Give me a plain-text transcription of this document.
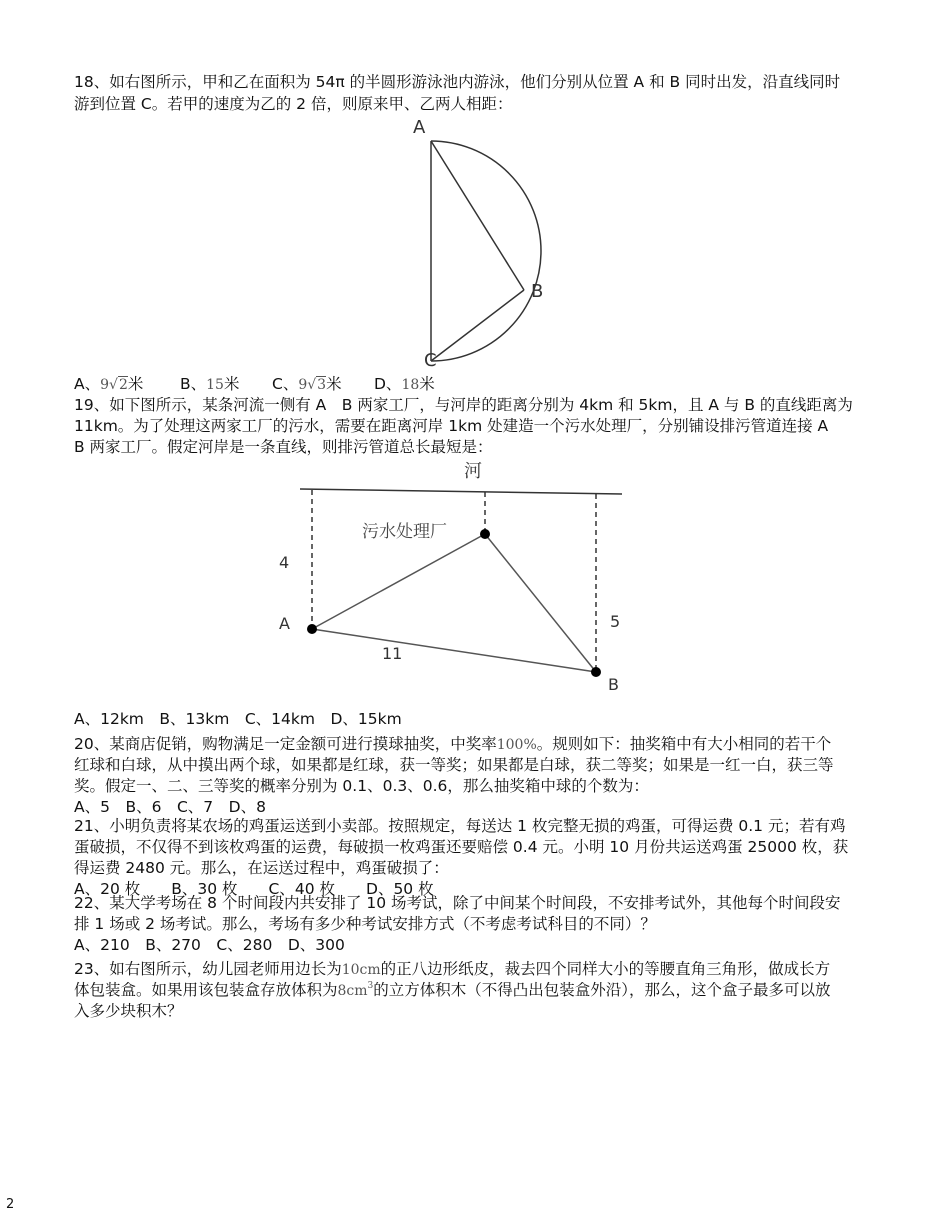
18、如右图所示，甲和乙在面积为 54π 的半圆形游泳池内游泳，他们分别从位置 A 和 B 同时出发，沿直线同时
游到位置 C。若甲的速度为乙的 2 倍，则原来甲、乙两人相距：
A
B
C
A、9√2米 B、15米 C、9√3米 D、18米
19、如下图所示，某条河流一侧有 A　B 两家工厂，与河岸的距离分别为 4km 和 5km，且 A 与 B 的直线距离为
11km。为了处理这两家工厂的污水，需要在距离河岸 1km 处建造一个污水处理厂，分别铺设排污管道连接 A
B 两家工厂。假定河岸是一条直线，则排污管道总长最短是：
河
污水处理厂
4
5
11
A
B
A、12km　B、13km　C、14km　D、15km
20、某商店促销，购物满足一定金额可进行摸球抽奖，中奖率100%。规则如下：抽奖箱中有大小相同的若干个
红球和白球，从中摸出两个球，如果都是红球，获一等奖；如果都是白球，获二等奖；如果是一红一白，获三等
奖。假定一、二、三等奖的概率分别为 0.1、0.3、0.6，那么抽奖箱中球的个数为：
A、5　B、6　C、7　D、8
21、小明负责将某农场的鸡蛋运送到小卖部。按照规定，每送达 1 枚完整无损的鸡蛋，可得运费 0.1 元；若有鸡
蛋破损，不仅得不到该枚鸡蛋的运费，每破损一枚鸡蛋还要赔偿 0.4 元。小明 10 月份共运送鸡蛋 25000 枚，获
得运费 2480 元。那么，在运送过程中，鸡蛋破损了：
A、20 枚　　B、30 枚　　C、40 枚　　D、50 枚
22、某大学考场在 8 个时间段内共安排了 10 场考试，除了中间某个时间段，不安排考试外，其他每个时间段安
排 1 场或 2 场考试。那么，考场有多少种考试安排方式（不考虑考试科目的不同）？
A、210　B、270　C、280　D、300
23、如右图所示，幼儿园老师用边长为10cm的正八边形纸皮，裁去四个同样大小的等腰直角三角形，做成长方
体包装盒。如果用该包装盒存放体积为$8cm^3$的立方体积木（不得凸出包装盒外沿），那么，这个盒子最多可以放
入多少块积木？
2
